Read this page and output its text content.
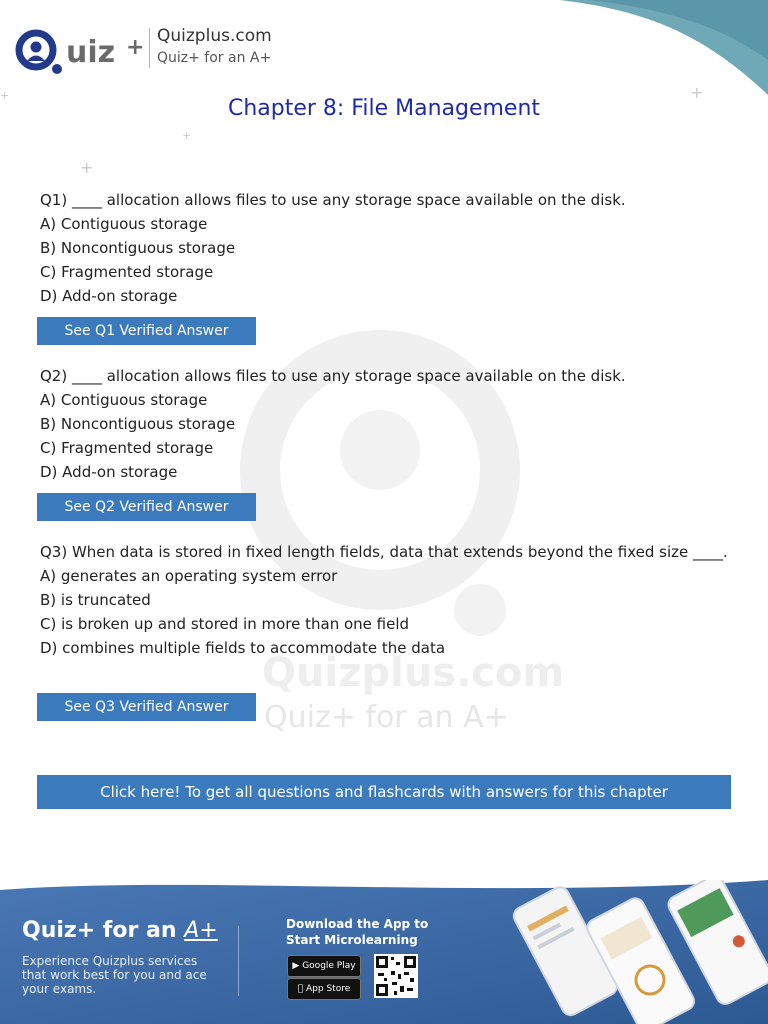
Quizplus.com
Quiz+ for an A+
+
+
+
+
uiz + Quizplus.com
Quiz+ for an A+
Chapter 8: File Management
Q1) ____ allocation allows files to use any storage space available on the disk.
A) Contiguous storage
B) Noncontiguous storage
C) Fragmented storage
D) Add-on storage
See Q1 Verified Answer
Q2) ____ allocation allows files to use any storage space available on the disk.
A) Contiguous storage
B) Noncontiguous storage
C) Fragmented storage
D) Add-on storage
See Q2 Verified Answer
Q3) When data is stored in fixed length fields, data that extends beyond the fixed size ____.
A) generates an operating system error
B) is truncated
C) is broken up and stored in more than one field
D) combines multiple fields to accommodate the data
See Q3 Verified Answer
Click here! To get all questions and flashcards with answers for this chapter
Quiz+ for an A+
Experience Quizplus services that work best for you and ace your exams.
Download the App to Start Microlearning
▶ Google Play
App Store
